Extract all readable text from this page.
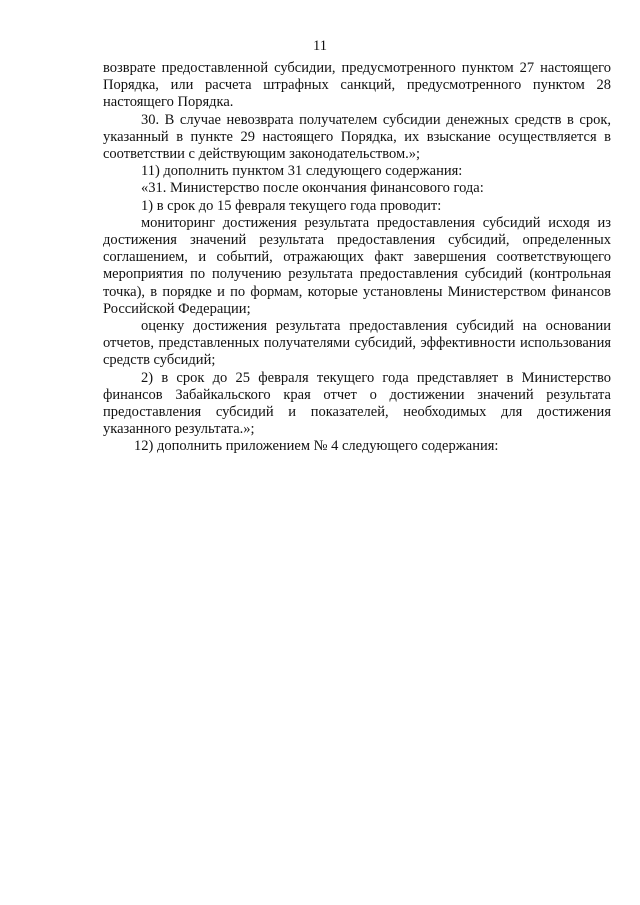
11

возврате предоставленной субсидии, предусмотренного пунктом 27 настоящего Порядка, или расчета штрафных санкций, предусмотренного пунктом 28 настоящего Порядка.

30. В случае невозврата получателем субсидии денежных средств в срок, указанный в пункте 29 настоящего Порядка, их взыскание осуществляется в соответствии с действующим законодательством.»;

11) дополнить пунктом 31 следующего содержания:

«31. Министерство после окончания финансового года:

1) в срок до 15 февраля текущего года проводит:

мониторинг достижения результата предоставления субсидий исходя из достижения значений результата предоставления субсидий, определенных соглашением, и событий, отражающих факт завершения соответствующего мероприятия по получению результата предоставления субсидий (контрольная точка), в порядке и по формам, которые установлены Министерством финансов Российской Федерации;

оценку достижения результата предоставления субсидий на основании отчетов, представленных получателями субсидий, эффективности использования средств субсидий;

2) в срок до 25 февраля текущего года представляет в Министерство финансов Забайкальского края отчет о достижении значений результата предоставления субсидий и показателей, необходимых для достижения указанного результата.»;

12) дополнить приложением № 4 следующего содержания:
